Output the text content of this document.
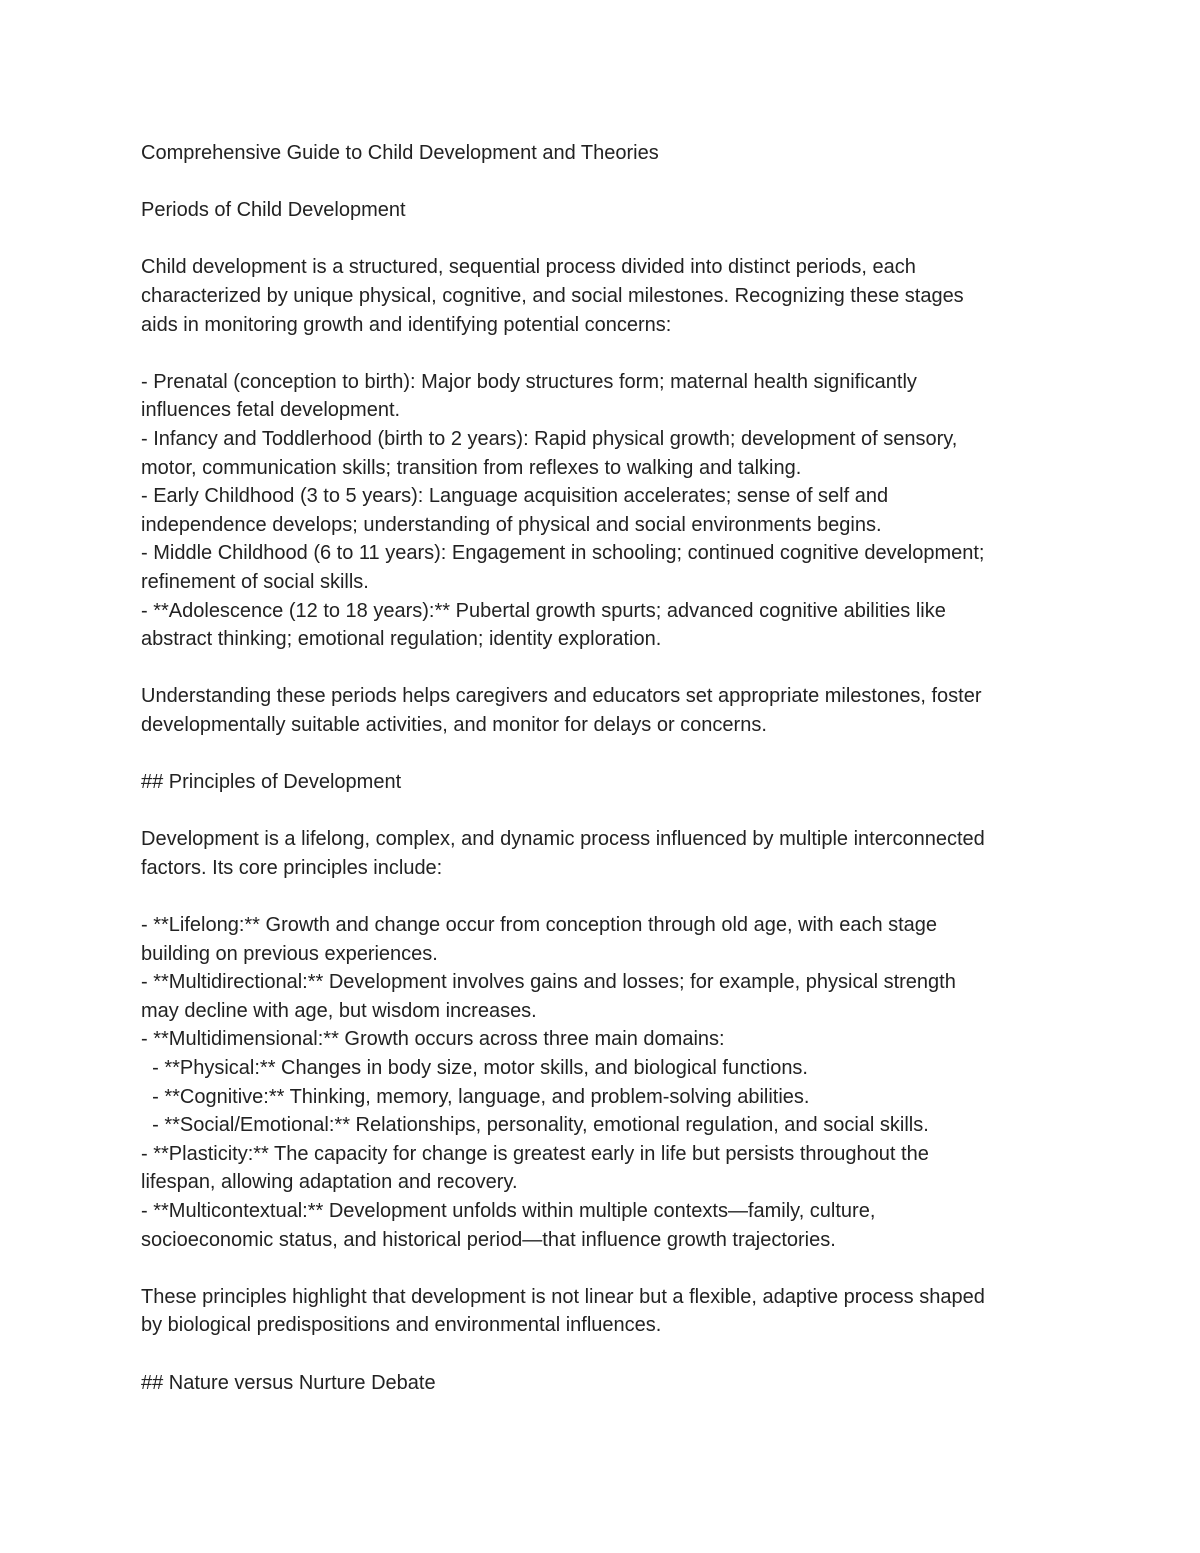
Comprehensive Guide to Child Development and Theories
Periods of Child Development
Child development is a structured, sequential process divided into distinct periods, each
characterized by unique physical, cognitive, and social milestones. Recognizing these stages
aids in monitoring growth and identifying potential concerns:
- Prenatal (conception to birth): Major body structures form; maternal health significantly
influences fetal development.
- Infancy and Toddlerhood (birth to 2 years): Rapid physical growth; development of sensory,
motor, communication skills; transition from reflexes to walking and talking.
- Early Childhood (3 to 5 years): Language acquisition accelerates; sense of self and
independence develops; understanding of physical and social environments begins.
- Middle Childhood (6 to 11 years): Engagement in schooling; continued cognitive development;
refinement of social skills.
- **Adolescence (12 to 18 years):** Pubertal growth spurts; advanced cognitive abilities like
abstract thinking; emotional regulation; identity exploration.
Understanding these periods helps caregivers and educators set appropriate milestones, foster
developmentally suitable activities, and monitor for delays or concerns.
## Principles of Development
Development is a lifelong, complex, and dynamic process influenced by multiple interconnected
factors. Its core principles include:
- **Lifelong:** Growth and change occur from conception through old age, with each stage
building on previous experiences.
- **Multidirectional:** Development involves gains and losses; for example, physical strength
may decline with age, but wisdom increases.
- **Multidimensional:** Growth occurs across three main domains:
- **Physical:** Changes in body size, motor skills, and biological functions.
- **Cognitive:** Thinking, memory, language, and problem-solving abilities.
- **Social/Emotional:** Relationships, personality, emotional regulation, and social skills.
- **Plasticity:** The capacity for change is greatest early in life but persists throughout the
lifespan, allowing adaptation and recovery.
- **Multicontextual:** Development unfolds within multiple contexts—family, culture,
socioeconomic status, and historical period—that influence growth trajectories.
These principles highlight that development is not linear but a flexible, adaptive process shaped
by biological predispositions and environmental influences.
## Nature versus Nurture Debate
